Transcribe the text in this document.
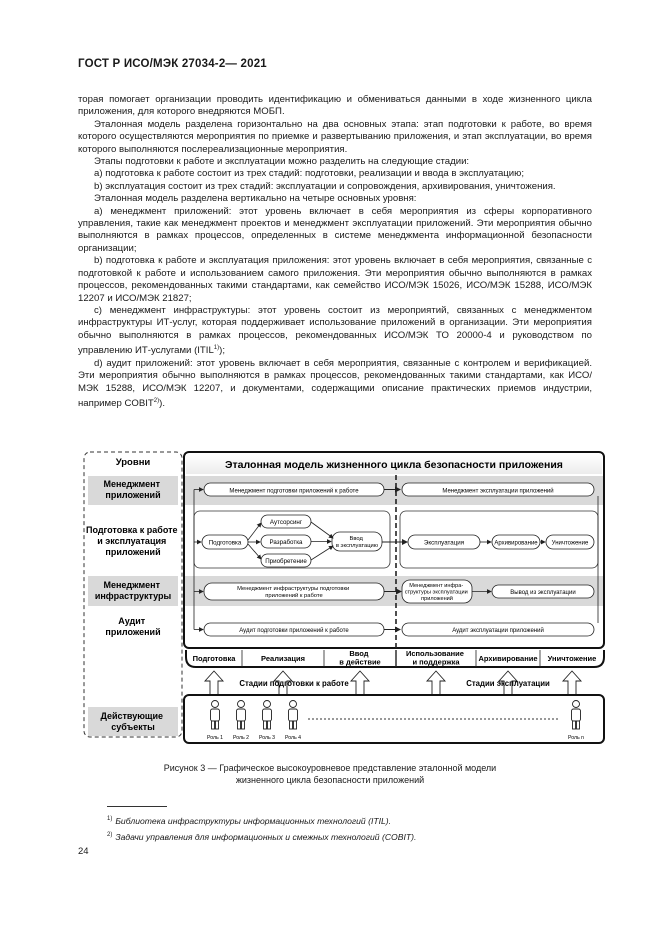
ГОСТ Р ИСО/МЭК 27034-2— 2021

торая помогает организации проводить идентификацию и обмениваться данными в ходе жизненного цикла приложения, для которого внедряются МОБП.

Эталонная модель разделена горизонтально на два основных этапа: этап подготовки к работе, во время которого осуществляются мероприятия по приемке и развертыванию приложения, и этап эксплуатации, во время которого выполняются послереализационные мероприятия.

Этапы подготовки к работе и эксплуатации можно разделить на следующие стадии:

a) подготовка к работе состоит из трех стадий: подготовки, реализации и ввода в эксплуатацию;

b) эксплуатация состоит из трех стадий: эксплуатации и сопровождения, архивирования, уничтожения.

Эталонная модель разделена вертикально на четыре основных уровня:

a) менеджмент приложений: этот уровень включает в себя мероприятия из сферы корпоративного управления, такие как менеджмент проектов и менеджмент эксплуатации приложений. Эти мероприятия обычно выполняются в рамках процессов, определенных в системе менеджмента информационной безопасности организации;

b) подготовка к работе и эксплуатация приложения: этот уровень включает в себя мероприятия, связанные с подготовкой к работе и использованием самого приложения. Эти мероприятия обычно выполняются в рамках процессов, рекомендованных такими стандартами, как семейство ИСО/МЭК 15026, ИСО/МЭК 15288, ИСО/МЭК 12207 и ИСО/МЭК 21827;

c) менеджмент инфраструктуры: этот уровень состоит из мероприятий, связанных с менеджментом инфраструктуры ИТ-услуг, которая поддерживает использование приложений в организации. Эти мероприятия обычно выполняются в рамках процессов, рекомендованных ИСО/МЭК ТО 20000-4 и руководством по управлению ИТ-услугами (ITIL$^{1)}$);

d) аудит приложений: этот уровень включает в себя мероприятия, связанные с контролем и верификацией. Эти мероприятия обычно выполняются в рамках процессов, рекомендованных такими стандартами, как ИСО/МЭК 15288, ИСО/МЭК 12207, и документами, содержащими описание практических приемов индустрии, например COBIT$^{2)}$).

Уровни
Менеджмент приложений
Подготовка к работе и эксплуатация приложений
Менеджмент инфраструктуры
Аудит приложений
Эталонная модель жизненного цикла безопасности приложения
Менеджмент подготовки приложений к работе	Менеджмент эксплуатации приложений
Подготовка
Аутсорсинг
Разработка
Приобретение
Ввод в эксплуатацию	Эксплуатация	Архивирование Уничтожение
Менеджмент инфраструктуры подготовки приложений к работе
Менеджмент инфра- структуры эксплуатации приложений
Вывод из эксплуатации
Аудит подготовки приложений к работе	Аудит эксплуатации приложений
Подготовка	Реализация
Ввод в действие
Использование и поддержка	Архивирование Уничтожение
Стадии подготовки к работе	Стадии эксплуатации
Действующие субъекты
Роль 1 Роль 2 Роль 3 Роль 4	Роль n
Рисунок 3 — Графическое высокоуровневое представление эталонной модели
жизненного цикла безопасности приложений
$^{1)}$ Библиотека инфраструктуры информационных технологий (ITIL).
$^{2)}$ Задачи управления для информационных и смежных технологий (COBIT).
24
